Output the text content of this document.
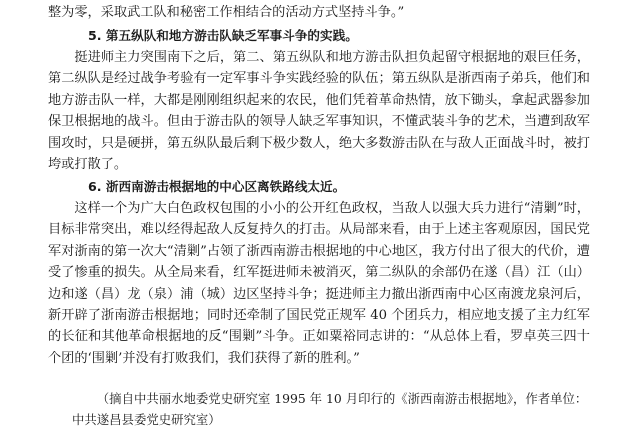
整为零，采取武工队和秘密工作相结合的活动方式坚持斗争。”

5. 第五纵队和地方游击队缺乏军事斗争的实践。

挺进师主力突围南下之后，第二、第五纵队和地方游击队担负起留守根据地的艰巨任务，第二纵队是经过战争考验有一定军事斗争实践经验的队伍；第五纵队是浙西南子弟兵，他们和地方游击队一样，大都是刚刚组织起来的农民，他们凭着革命热情，放下锄头，拿起武器参加保卫根据地的战斗。但由于游击队的领导人缺乏军事知识，不懂武装斗争的艺术，当遭到敌军围攻时，只是硬拼，第五纵队最后剩下极少数人，绝大多数游击队在与敌人正面战斗时，被打垮或打散了。

6. 浙西南游击根据地的中心区离铁路线太近。

这样一个为广大白色政权包围的小小的公开红色政权，当敌人以强大兵力进行“清剿”时，目标非常突出，难以经得起敌人反复持久的打击。从局部来看，由于上述主客观原因，国民党军对浙南的第一次大“清剿”占领了浙西南游击根据地的中心地区，我方付出了很大的代价，遭受了惨重的损失。从全局来看，红军挺进师未被消灭，第二纵队的余部仍在遂（昌）江（山）边和遂（昌）龙（泉）浦（城）边区坚持斗争；挺进师主力撤出浙西南中心区南渡龙泉河后，新开辟了浙南游击根据地；同时还牵制了国民党正规军 40 个团兵力，相应地支援了主力红军的长征和其他革命根据地的反“围剿”斗争。正如粟裕同志讲的：“从总体上看，罗卓英三四十个团的‘围剿’并没有打败我们，我们获得了新的胜利。”

（摘自中共丽水地委党史研究室 1995 年 10 月印行的《浙西南游击根据地》，作者单位：中共遂昌县委党史研究室）
